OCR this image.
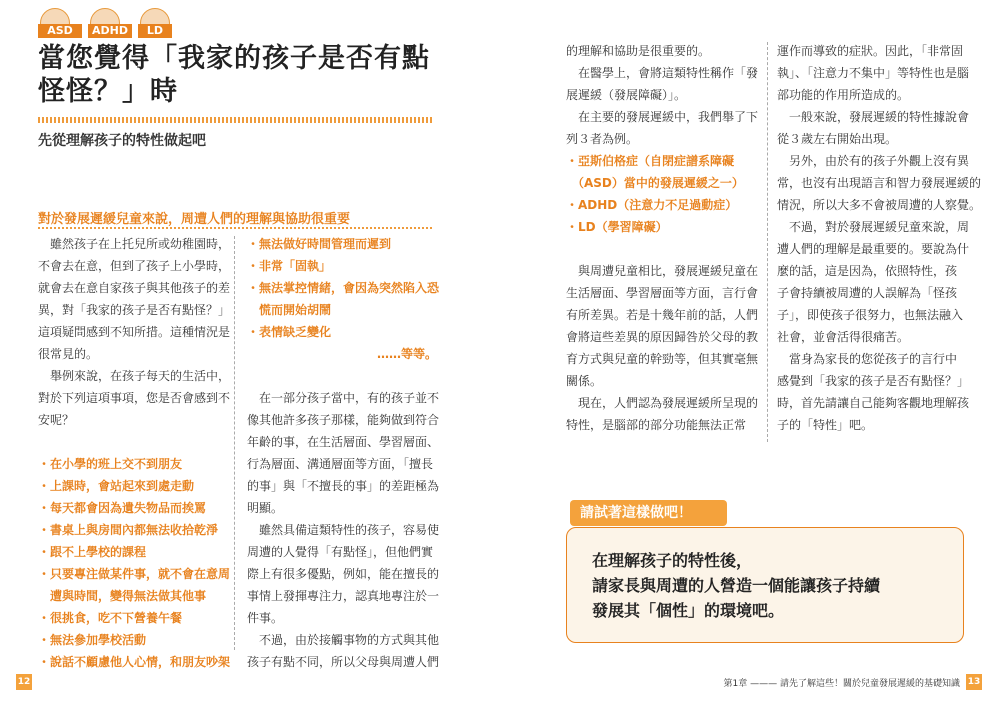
ASD	ADHD	LD
當您覺得「我家的孩子是否有點
怪怪？」時
先從理解孩子的特性做起吧
對於發展遲緩兒童來說，周遭人們的理解與協助很重要

　雖然孩子在上托兒所或幼稚園時，

不會去在意，但到了孩子上小學時，

就會去在意自家孩子與其他孩子的差

異，對「我家的孩子是否有點怪？」

這項疑問感到不知所措。這種情況是

很常見的。

　舉例來說，在孩子每天的生活中，

對於下列這項事項，您是否會感到不

安呢？

・在小學的班上交不到朋友

・上課時，會站起來到處走動

・每天都會因為遺失物品而挨罵

・書桌上與房間內都無法收拾乾淨

・跟不上學校的課程

・只要專注做某件事，就不會在意周

　遭與時間，變得無法做其他事

・很挑食，吃不下營養午餐

・無法參加學校活動

・說話不顧慮他人心情，和朋友吵架

・無法做好時間管理而遲到

・非常「固執」

・無法掌控情緒，會因為突然陷入恐

　慌而開始胡鬧

・表情缺乏變化

……等等。

　在一部分孩子當中，有的孩子並不

像其他許多孩子那樣，能夠做到符合

年齡的事，在生活層面、學習層面、

行為層面、溝通層面等方面，「擅長

的事」與「不擅長的事」的差距極為

明顯。

　雖然具備這類特性的孩子，容易使

周遭的人覺得「有點怪」，但他們實

際上有很多優點，例如，能在擅長的

事情上發揮專注力，認真地專注於一

件事。

　不過，由於接觸事物的方式與其他

孩子有點不同，所以父母與周遭人們

的理解和協助是很重要的。

　在醫學上，會將這類特性稱作「發

展遲緩（發展障礙）」。

　在主要的發展遲緩中，我們舉了下

列３者為例。

・亞斯伯格症（自閉症譜系障礙

　（ASD）當中的發展遲緩之一）

・ADHD（注意力不足過動症）

・LD（學習障礙）

　與周遭兒童相比，發展遲緩兒童在

生活層面、學習層面等方面，言行會

有所差異。若是十幾年前的話，人們

會將這些差異的原因歸咎於父母的教

育方式與兒童的幹勁等，但其實毫無

關係。

　現在，人們認為發展遲緩所呈現的

特性，是腦部的部分功能無法正常

運作而導致的症狀。因此，「非常固

執」、「注意力不集中」等特性也是腦

部功能的作用所造成的。

　一般來說，發展遲緩的特性據說會

從３歲左右開始出現。

　另外，由於有的孩子外觀上沒有異

常，也沒有出現語言和智力發展遲緩的

情況，所以大多不會被周遭的人察覺。

　不過，對於發展遲緩兒童來說，周

遭人們的理解是最重要的。要說為什

麼的話，這是因為，依照特性，孩

子會持續被周遭的人誤解為「怪孩

子」，即使孩子很努力，也無法融入

社會，並會活得很痛苦。

　當身為家長的您從孩子的言行中

感覺到「我家的孩子是否有點怪？」

時，首先請讓自己能夠客觀地理解孩

子的「特性」吧。

請試著這樣做吧！

在理解孩子的特性後，

請家長與周遭的人營造一個能讓孩子持續

發展其「個性」的環境吧。

12	第1章 ——— 請先了解這些！關於兒童發展遲緩的基礎知識 13
